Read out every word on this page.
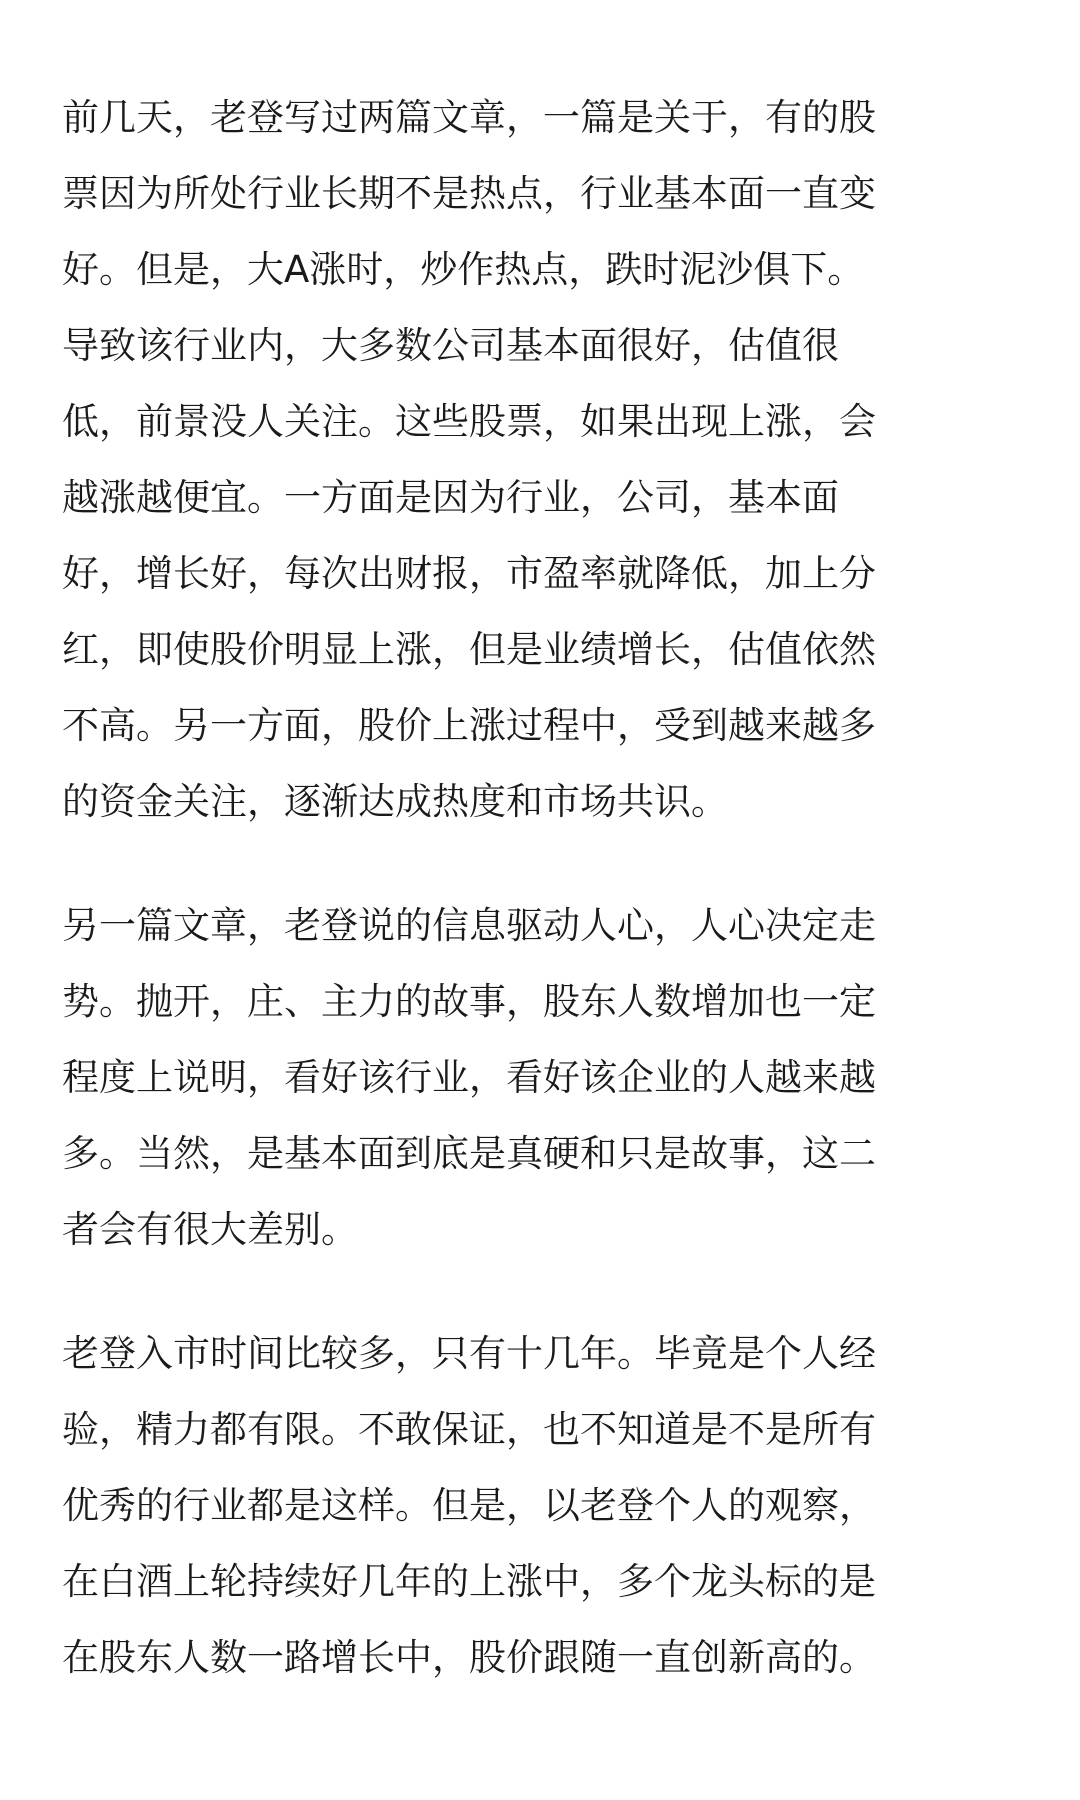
前几天，老登写过两篇文章，一篇是关于，有的股
票因为所处行业长期不是热点，行业基本面一直变
好。但是，大A涨时，炒作热点，跌时泥沙俱下。
导致该行业内，大多数公司基本面很好，估值很
低，前景没人关注。这些股票，如果出现上涨，会
越涨越便宜。一方面是因为行业，公司，基本面
好，增长好，每次出财报，市盈率就降低，加上分
红，即使股价明显上涨，但是业绩增长，估值依然
不高。另一方面，股价上涨过程中，受到越来越多
的资金关注，逐渐达成热度和市场共识。

另一篇文章，老登说的信息驱动人心，人心决定走
势。抛开，庄、主力的故事，股东人数增加也一定
程度上说明，看好该行业，看好该企业的人越来越
多。当然，是基本面到底是真硬和只是故事，这二
者会有很大差别。

老登入市时间比较多，只有十几年。毕竟是个人经
验，精力都有限。不敢保证，也不知道是不是所有
优秀的行业都是这样。但是，以老登个人的观察，
在白酒上轮持续好几年的上涨中，多个龙头标的是
在股东人数一路增长中，股价跟随一直创新高的。
